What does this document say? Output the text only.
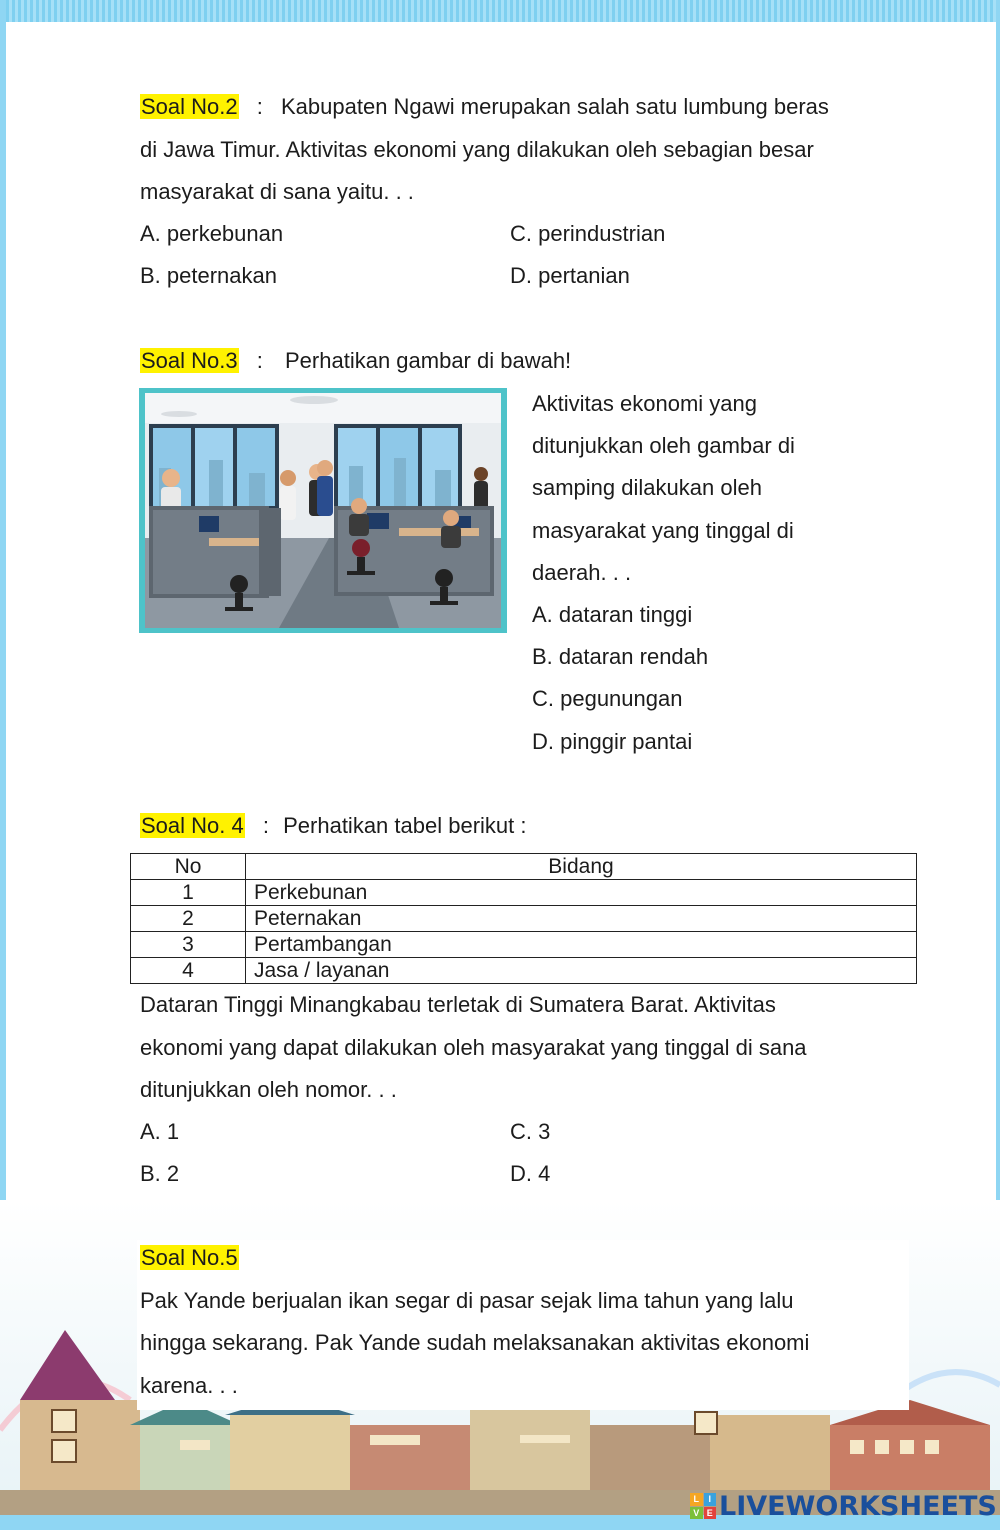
Soal No.2 : Kabupaten Ngawi merupakan salah satu lumbung beras
di Jawa Timur. Aktivitas ekonomi yang dilakukan oleh sebagian besar
masyarakat di sana yaitu. . .
A. perkebunan	C. perindustrian
B. peternakan	D. pertanian
Soal No.3 : Perhatikan gambar di bawah!
Aktivitas ekonomi yang
ditunjukkan oleh gambar di
samping dilakukan oleh
masyarakat yang tinggal di
daerah. . .
A. dataran tinggi
B. dataran rendah
C. pegunungan
D. pinggir pantai
Soal No. 4 : Perhatikan tabel berikut :
No	Bidang
1	Perkebunan
2	Peternakan
3	Pertambangan
4	Jasa / layanan
Dataran Tinggi Minangkabau terletak di Sumatera Barat. Aktivitas
ekonomi yang dapat dilakukan oleh masyarakat yang tinggal di sana
ditunjukkan oleh nomor. . .
A. 1	C. 3
B. 2	D. 4
Soal No.5
Pak Yande berjualan ikan segar di pasar sejak lima tahun yang lalu
hingga sekarang. Pak Yande sudah melaksanakan aktivitas ekonomi
karena. . .
L	I
V E LIVEWORKSHEETS
